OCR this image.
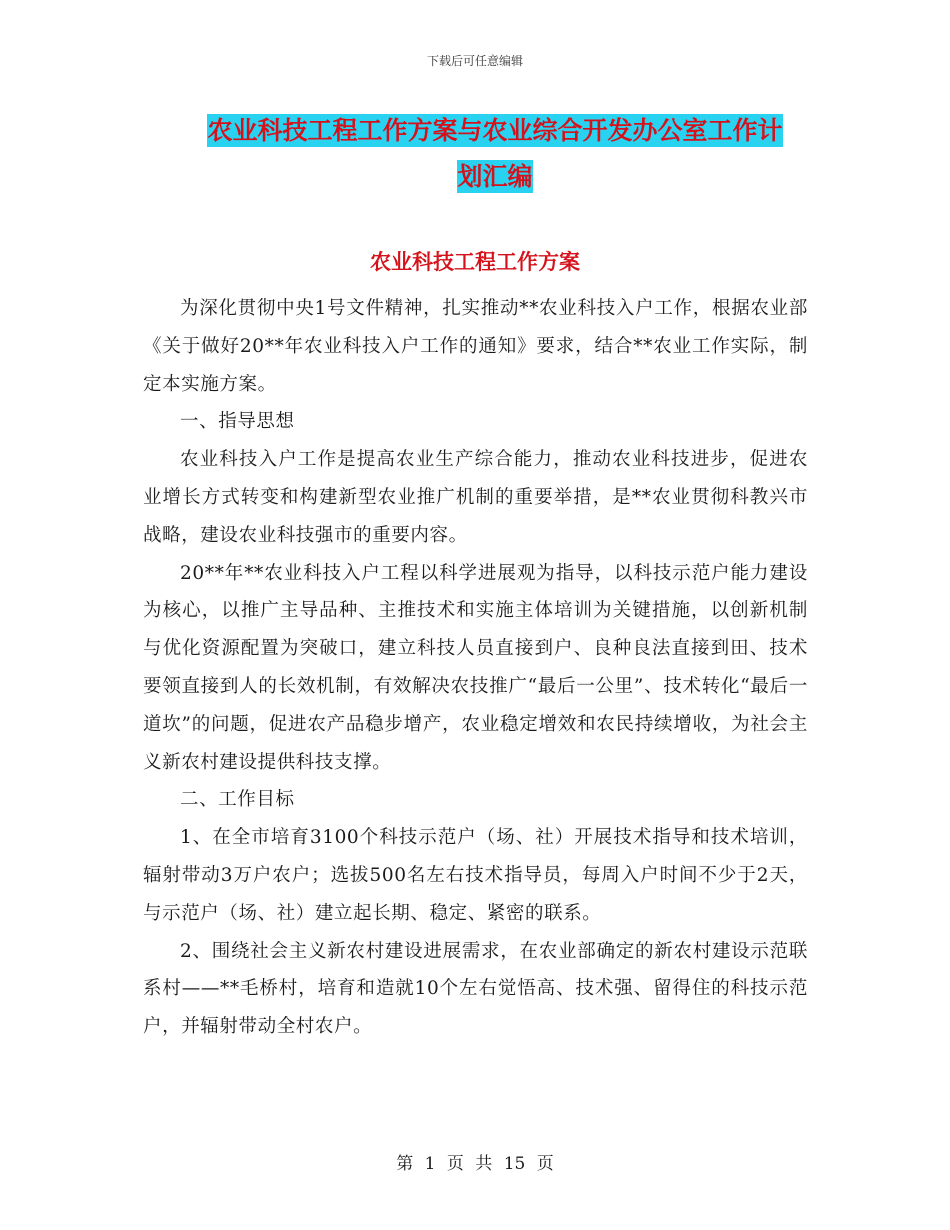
下载后可任意编辑
农业科技工程工作方案与农业综合开发办公室工作计
划汇编
农业科技工程工作方案

为深化贯彻中央1号文件精神，扎实推动**农业科技入户工作，根据农业部《关于做好20**年农业科技入户工作的通知》要求，结合**农业工作实际，制定本实施方案。

一、指导思想

农业科技入户工作是提高农业生产综合能力，推动农业科技进步，促进农业增长方式转变和构建新型农业推广机制的重要举措，是**农业贯彻科教兴市战略，建设农业科技强市的重要内容。

20**年**农业科技入户工程以科学进展观为指导，以科技示范户能力建设为核心，以推广主导品种、主推技术和实施主体培训为关键措施，以创新机制与优化资源配置为突破口，建立科技人员直接到户、良种良法直接到田、技术要领直接到人的长效机制，有效解决农技推广“最后一公里”、技术转化“最后一道坎”的问题，促进农产品稳步增产，农业稳定增效和农民持续增收，为社会主义新农村建设提供科技支撑。

二、工作目标

1、在全市培育3100个科技示范户（场、社）开展技术指导和技术培训，辐射带动3万户农户；选拔500名左右技术指导员，每周入户时间不少于2天，与示范户（场、社）建立起长期、稳定、紧密的联系。

2、围绕社会主义新农村建设进展需求，在农业部确定的新农村建设示范联系村——**毛桥村，培育和造就10个左右觉悟高、技术强、留得住的科技示范户，并辐射带动全村农户。

第 1 页 共 15 页
